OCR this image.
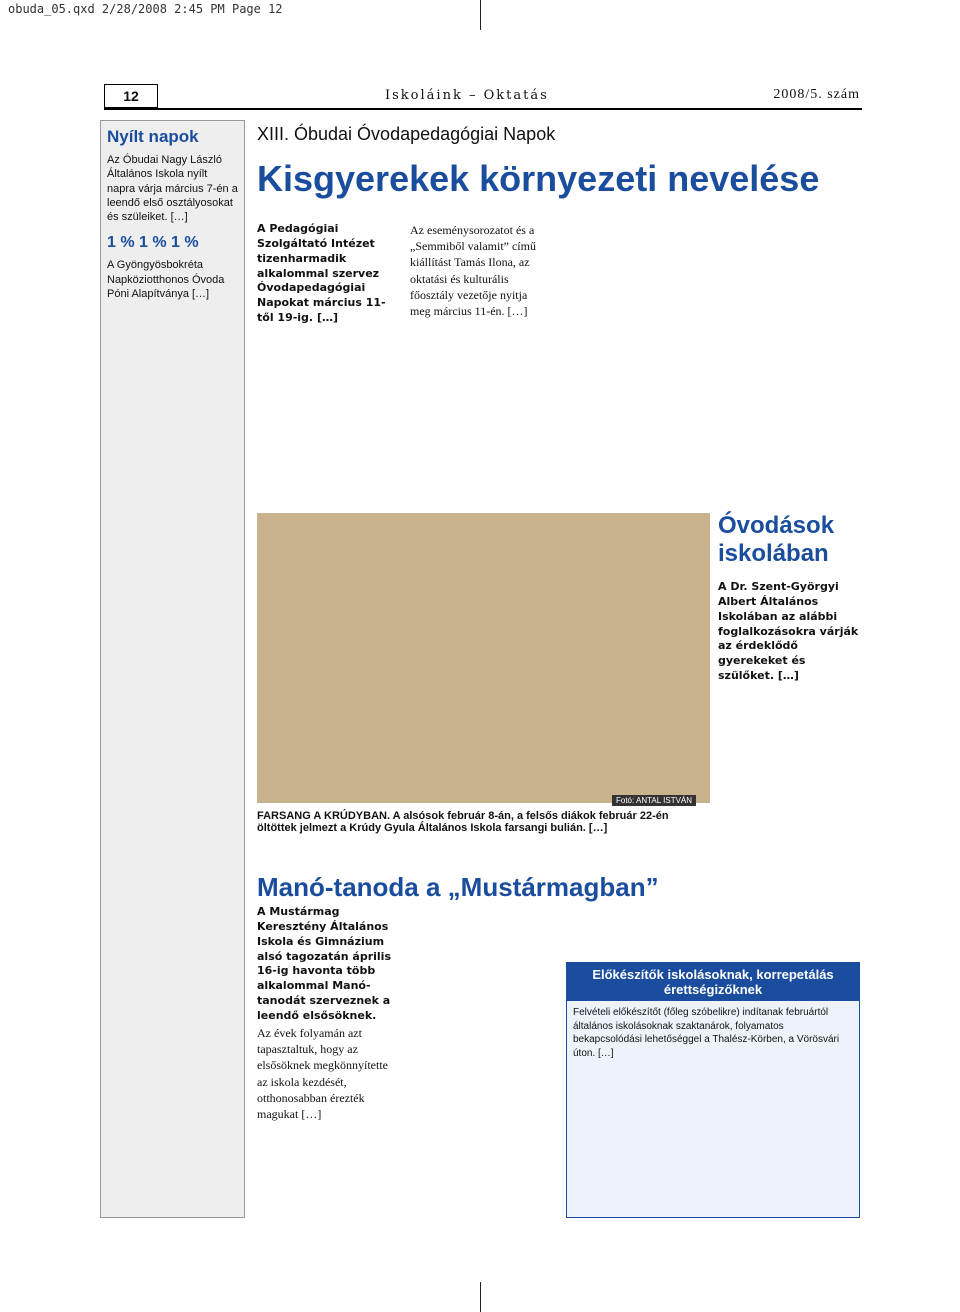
obuda_05.qxd 2/28/2008 2:45 PM Page 12
12	Iskoláink – Oktatás	2008/5. szám
Nyílt napok
Az Óbudai Nagy László Általános Iskola nyílt napra várja március 7-én a leendő első osztályosokat és szüleiket. […]
1 % 1 % 1 %
A Gyöngyösbokréta Napköziotthonos Óvoda Póni Alapítványa […]
XIII. Óbudai Óvodapedagógiai Napok
Kisgyerekek környezeti nevelése
A Pedagógiai Szolgáltató Intézet tizenharmadik alkalommal szervez Óvodapedagógiai Napokat március 11-től 19-ig. […]
Az eseménysorozatot és a „Semmiből valamit” című kiállítást Tamás Ilona, az oktatási és kulturális főosztály vezetője nyitja meg március 11-én. […]
Fotó: ANTAL ISTVÁN
FARSANG A KRÚDYBAN. A alsósok február 8-án, a felsős diákok február 22-én öltöttek jelmezt a Krúdy Gyula Általános Iskola farsangi bulián. […]
Óvodások iskolában
A Dr. Szent-Györgyi Albert Általános Iskolában az alábbi foglalkozásokra várják az érdeklődő gyerekeket és szülőket. […]
Manó-tanoda a „Mustármagban”
A Mustármag Keresztény Általános Iskola és Gimnázium alsó tagozatán április 16-ig havonta több alkalommal Manó-tanodát szerveznek a leendő elsősöknek.
Az évek folyamán azt tapasztaltuk, hogy az elsősöknek megkönnyítette az iskola kezdését, otthonosabban érezték magukat […]
Előkészítők iskolásoknak, korrepetálás érettségizőknek
Felvételi előkészítőt (főleg szóbelikre) indítanak februártól általános iskolásoknak szaktanárok, folyamatos bekapcsolódási lehetőséggel a Thalész-Körben, a Vörösvári úton. […]
